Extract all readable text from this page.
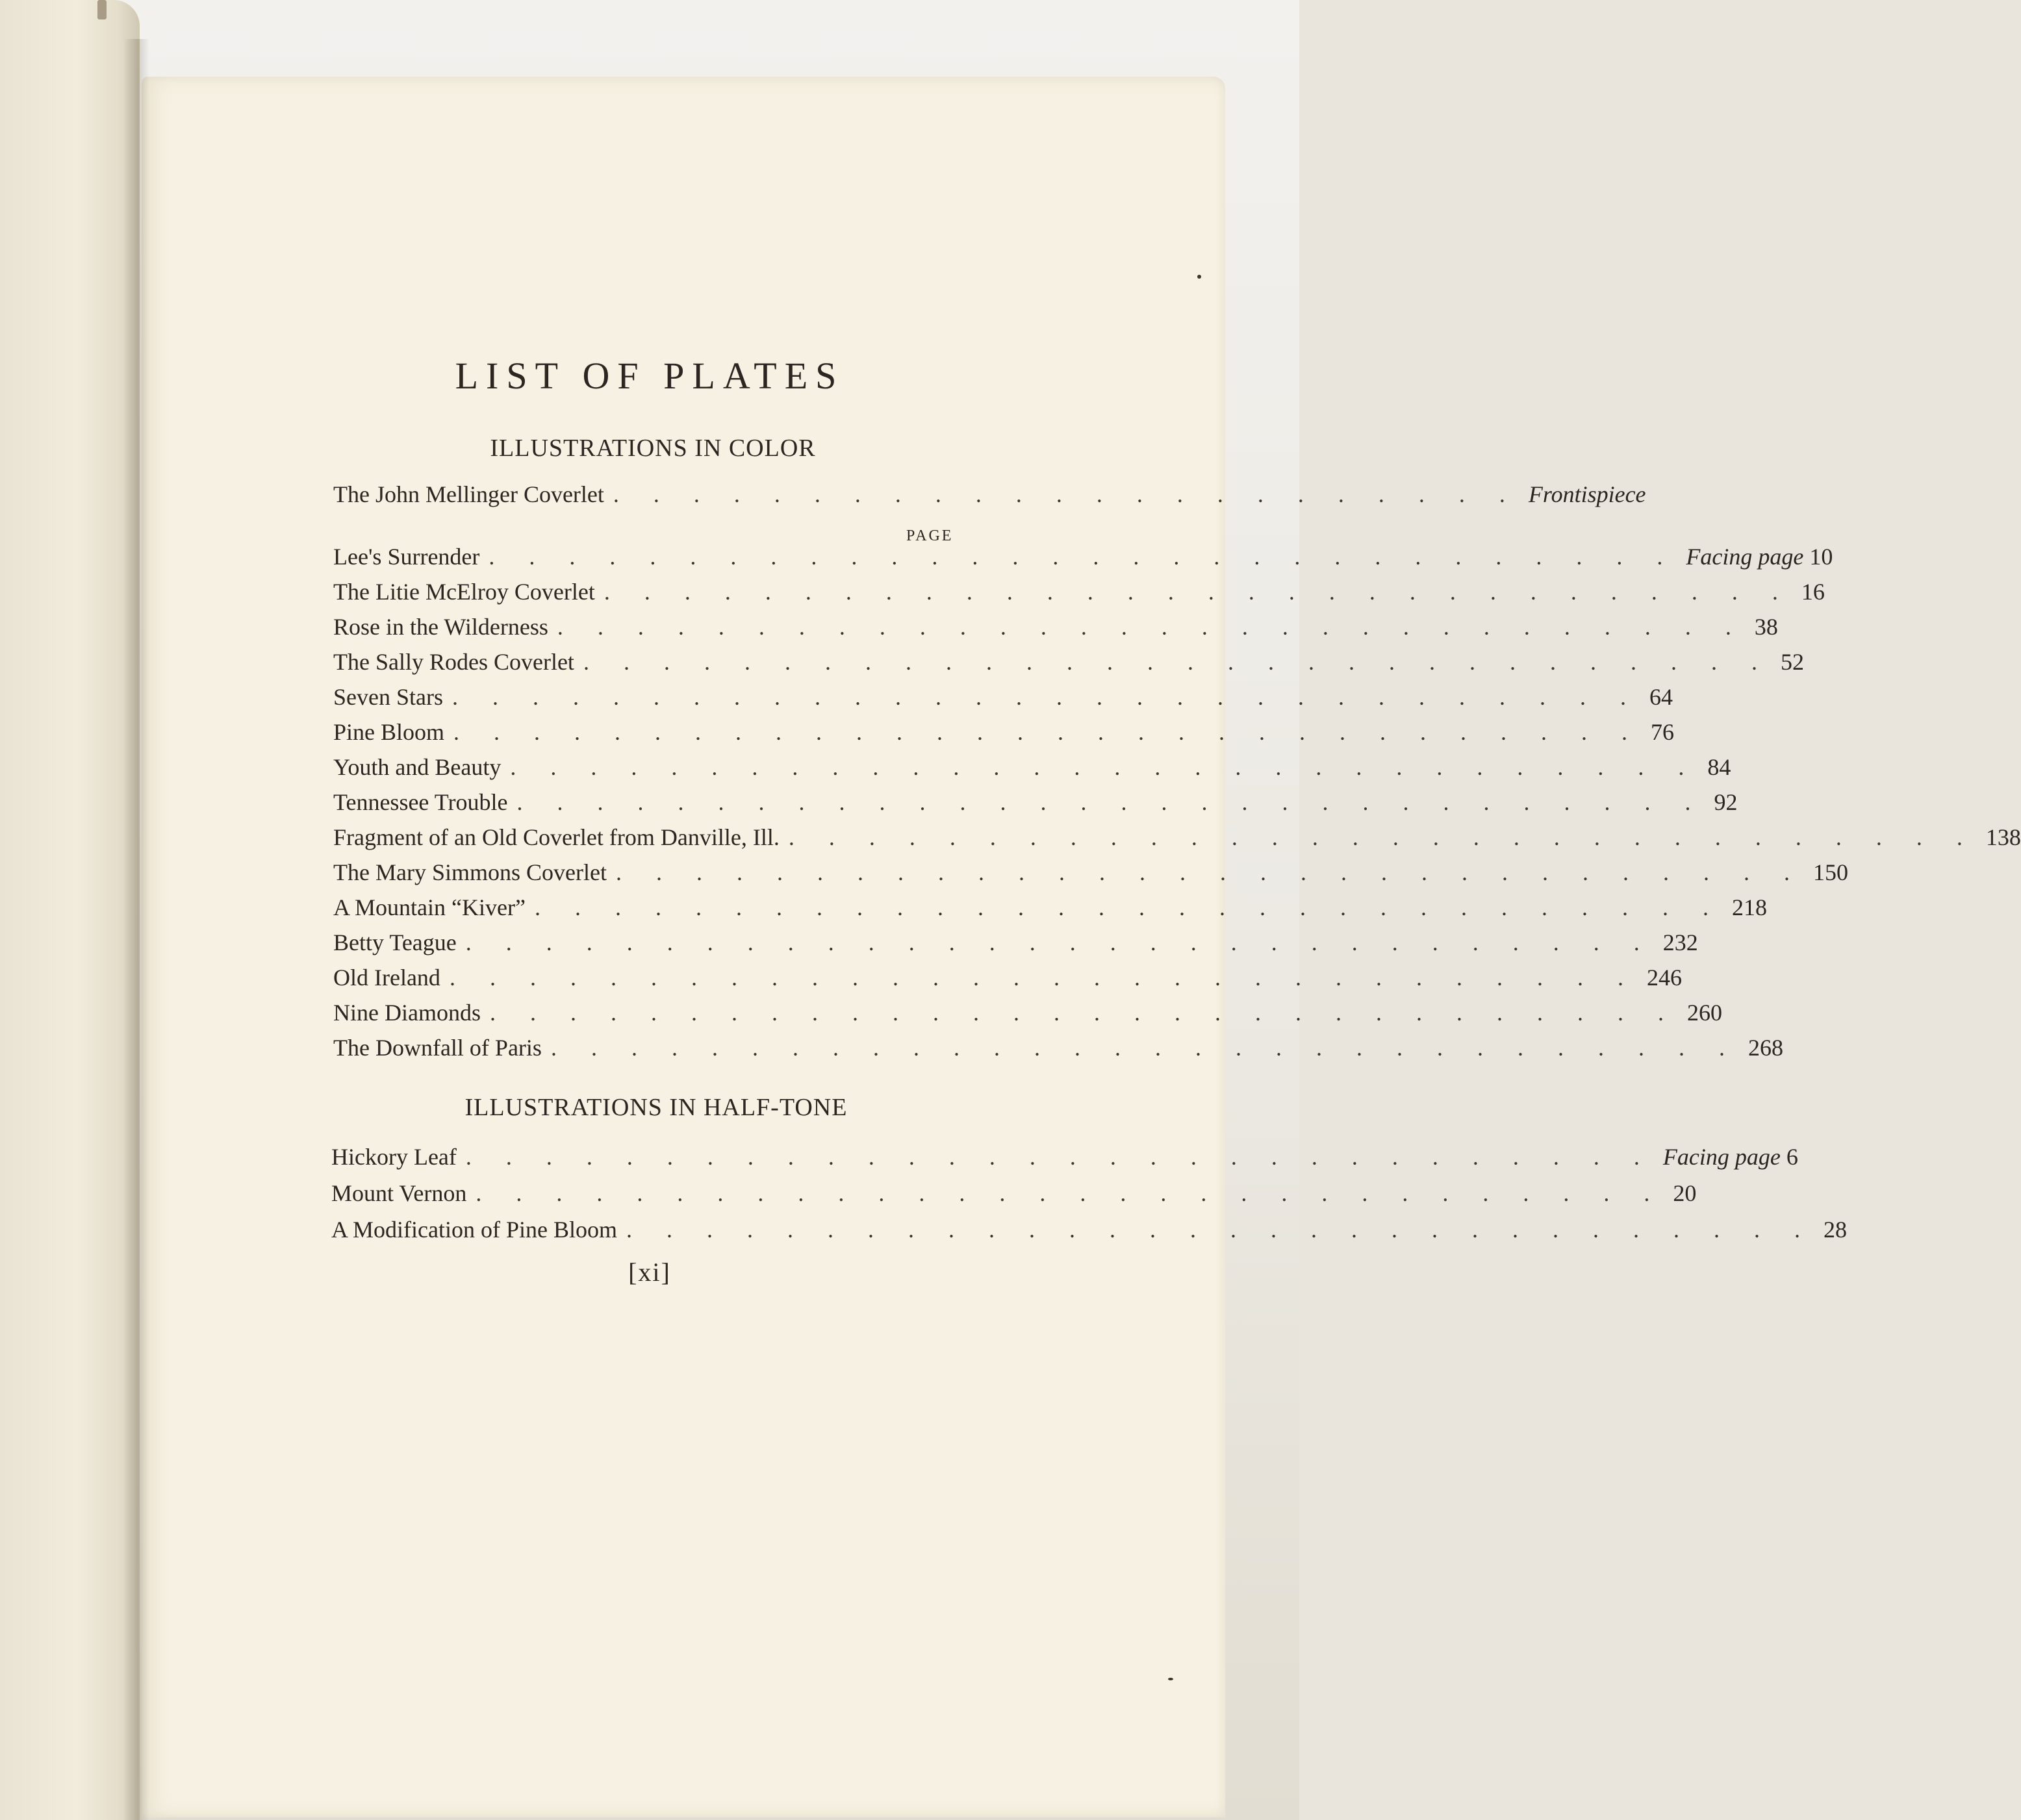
LIST OF PLATES
ILLUSTRATIONS IN COLOR
The John Mellinger Coverlet . . . . . . . . . . . . . . . . . . . . . . . Frontispiece
PAGE
Lee's Surrender . . . . . . . . . . . . . . . . . . . . . . . . . . . . . . Facing page 10
The Litie McElroy Coverlet . . . . . . . . . . . . . . . . . . . . . . . . . . . . . . 16
Rose in the Wilderness . . . . . . . . . . . . . . . . . . . . . . . . . . . . . . 38
The Sally Rodes Coverlet . . . . . . . . . . . . . . . . . . . . . . . . . . . . . . 52
Seven Stars . . . . . . . . . . . . . . . . . . . . . . . . . . . . . . 64
Pine Bloom . . . . . . . . . . . . . . . . . . . . . . . . . . . . . . 76
Youth and Beauty . . . . . . . . . . . . . . . . . . . . . . . . . . . . . . 84
Tennessee Trouble . . . . . . . . . . . . . . . . . . . . . . . . . . . . . . 92
Fragment of an Old Coverlet from Danville, Ill. . . . . . . . . . . . . . . . . . . . . . . . . . . . . . . 138
The Mary Simmons Coverlet . . . . . . . . . . . . . . . . . . . . . . . . . . . . . . 150
A Mountain “Kiver” . . . . . . . . . . . . . . . . . . . . . . . . . . . . . . 218
Betty Teague . . . . . . . . . . . . . . . . . . . . . . . . . . . . . . 232
Old Ireland . . . . . . . . . . . . . . . . . . . . . . . . . . . . . . 246
Nine Diamonds . . . . . . . . . . . . . . . . . . . . . . . . . . . . . . 260
The Downfall of Paris . . . . . . . . . . . . . . . . . . . . . . . . . . . . . . 268
ILLUSTRATIONS IN HALF-TONE
Hickory Leaf . . . . . . . . . . . . . . . . . . . . . . . . . . . . . . Facing page 6
Mount Vernon . . . . . . . . . . . . . . . . . . . . . . . . . . . . . . 20
A Modification of Pine Bloom . . . . . . . . . . . . . . . . . . . . . . . . . . . . . . 28
[xi]
